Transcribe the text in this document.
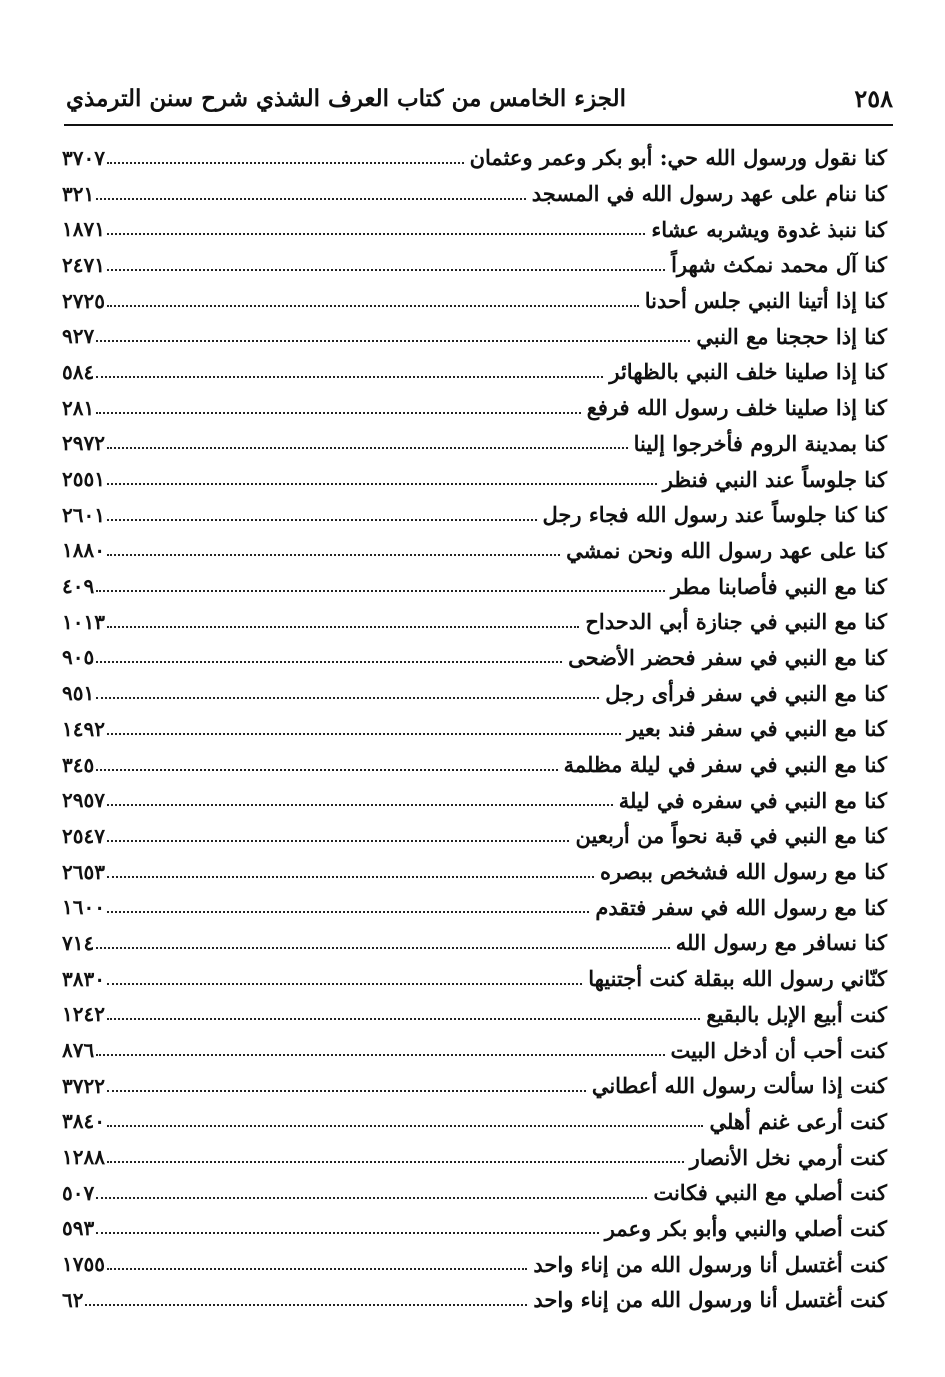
٢٥٨
الجزء الخامس من كتاب العرف الشذي شرح سنن الترمذي
كنا نقول ورسول الله حي: أبو بكر وعمر وعثمان
٣٧٠٧
كنا ننام على عهد رسول الله في المسجد
٣٢١
كنا ننبذ غدوة ويشربه عشاء
١٨٧١
كنا آل محمد نمكث شهراً
٢٤٧١
كنا إذا أتينا النبي جلس أحدنا
٢٧٢٥
كنا إذا حججنا مع النبي
٩٢٧
كنا إذا صلينا خلف النبي بالظهائر
٥٨٤
كنا إذا صلينا خلف رسول الله فرفع
٢٨١
كنا بمدينة الروم فأخرجوا إلينا
٢٩٧٢
كنا جلوساً عند النبي فنظر
٢٥٥١
كنا كنا جلوساً عند رسول الله فجاء رجل
٢٦٠١
كنا على عهد رسول الله ونحن نمشي
١٨٨٠
كنا مع النبي فأصابنا مطر
٤٠٩
كنا مع النبي في جنازة أبي الدحداح
١٠١٣
كنا مع النبي في سفر فحضر الأضحى
٩٠٥
كنا مع النبي في سفر فرأى رجل
٩٥١
كنا مع النبي في سفر فند بعير
١٤٩٢
كنا مع النبي في سفر في ليلة مظلمة
٣٤٥
كنا مع النبي في سفره في ليلة
٢٩٥٧
كنا مع النبي في قبة نحواً من أربعين
٢٥٤٧
كنا مع رسول الله فشخص ببصره
٢٦٥٣
كنا مع رسول الله في سفر فتقدم
١٦٠٠
كنا نسافر مع رسول الله
٧١٤
كنّاني رسول الله ببقلة كنت أجتنيها
٣٨٣٠
كنت أبيع الإبل بالبقيع
١٢٤٢
كنت أحب أن أدخل البيت
٨٧٦
كنت إذا سألت رسول الله أعطاني
٣٧٢٢
كنت أرعى غنم أهلي
٣٨٤٠
كنت أرمي نخل الأنصار
١٢٨٨
كنت أصلي مع النبي فكانت
٥٠٧
كنت أصلي والنبي وأبو بكر وعمر
٥٩٣
كنت أغتسل أنا ورسول الله من إناء واحد
١٧٥٥
كنت أغتسل أنا ورسول الله من إناء واحد
٦٢
